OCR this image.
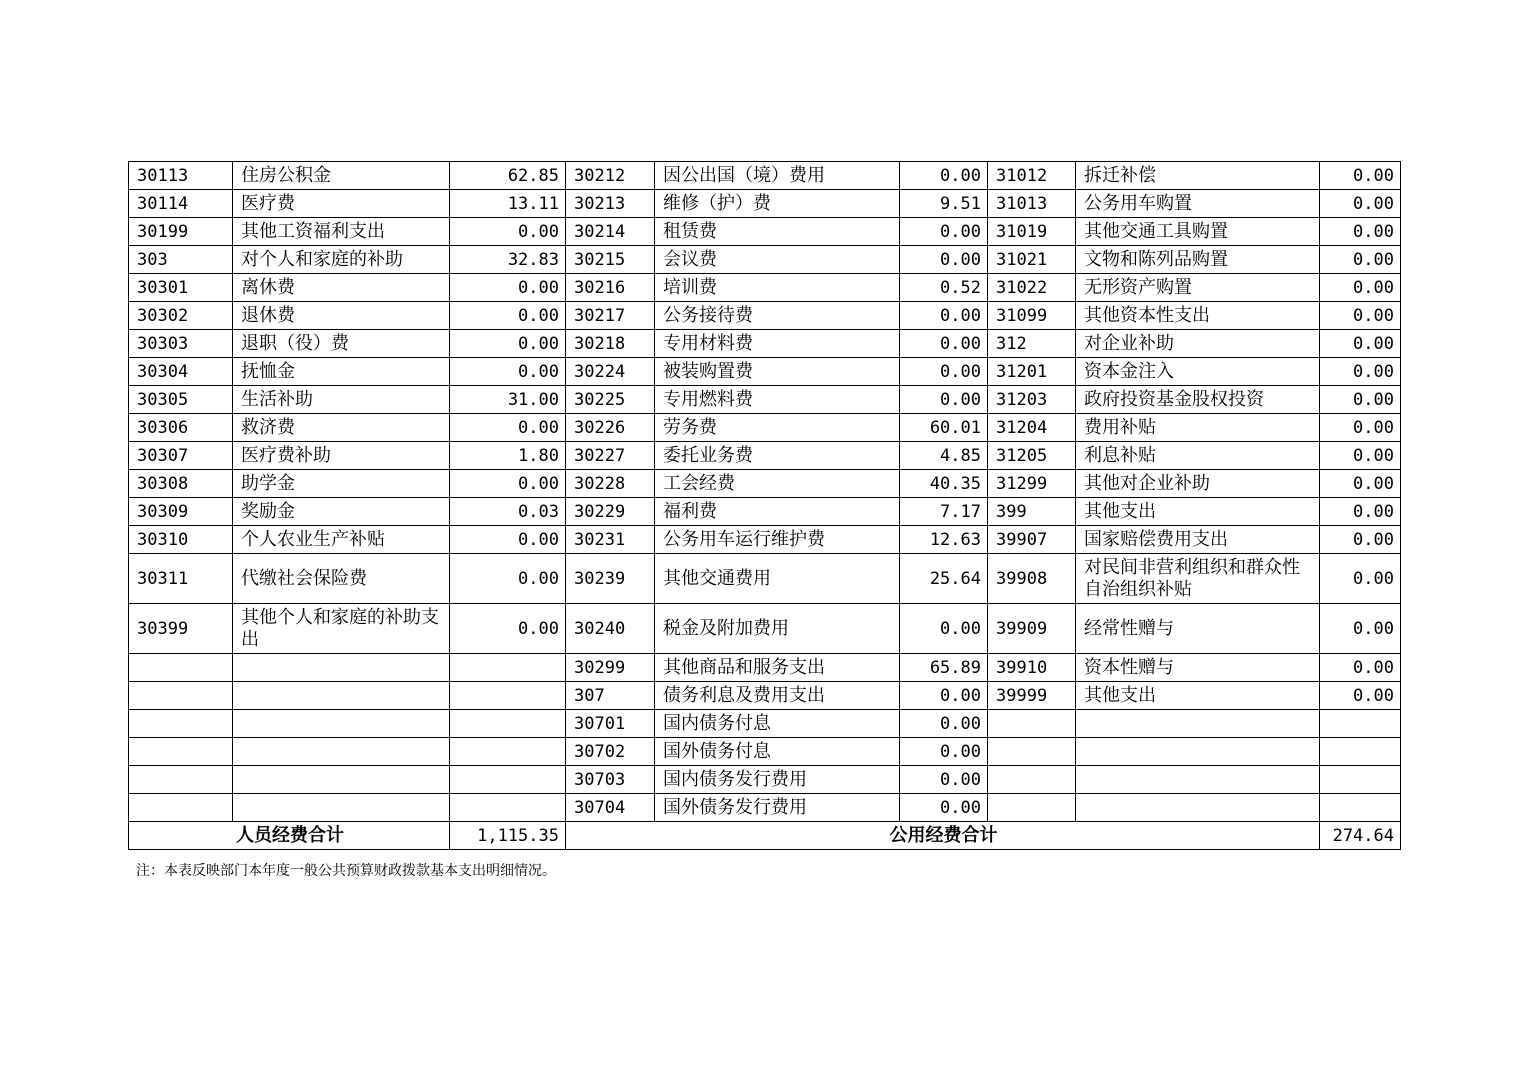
30113	住房公积金	62.85	30212	因公出国（境）费用	0.00	31012	拆迁补偿	0.00
30114	医疗费	13.11	30213	维修（护）费	9.51	31013	公务用车购置	0.00
30199	其他工资福利支出	0.00	30214	租赁费	0.00	31019	其他交通工具购置	0.00
303	对个人和家庭的补助	32.83	30215	会议费	0.00	31021	文物和陈列品购置	0.00
30301	离休费	0.00	30216	培训费	0.52	31022	无形资产购置	0.00
30302	退休费	0.00	30217	公务接待费	0.00	31099	其他资本性支出	0.00
30303	退职（役）费	0.00	30218	专用材料费	0.00	312	对企业补助	0.00
30304	抚恤金	0.00	30224	被装购置费	0.00	31201	资本金注入	0.00
30305	生活补助	31.00	30225	专用燃料费	0.00	31203	政府投资基金股权投资	0.00
30306	救济费	0.00	30226	劳务费	60.01	31204	费用补贴	0.00
30307	医疗费补助	1.80	30227	委托业务费	4.85	31205	利息补贴	0.00
30308	助学金	0.00	30228	工会经费	40.35	31299	其他对企业补助	0.00
30309	奖励金	0.03	30229	福利费	7.17	399	其他支出	0.00
30310	个人农业生产补贴	0.00	30231	公务用车运行维护费	12.63	39907	国家赔偿费用支出	0.00
30311	代缴社会保险费	0.00	30239	其他交通费用	25.64	39908	对民间非营利组织和群众性自治组织补贴	0.00
30399	其他个人和家庭的补助支出	0.00	30240	税金及附加费用	0.00	39909	经常性赠与	0.00
			30299	其他商品和服务支出	65.89	39910	资本性赠与	0.00
			307	债务利息及费用支出	0.00	39999	其他支出	0.00
			30701	国内债务付息	0.00			
			30702	国外债务付息	0.00			
			30703	国内债务发行费用	0.00			
			30704	国外债务发行费用	0.00			
人员经费合计		1,115.35	公用经费合计					274.64
注：本表反映部门本年度一般公共预算财政拨款基本支出明细情况。
